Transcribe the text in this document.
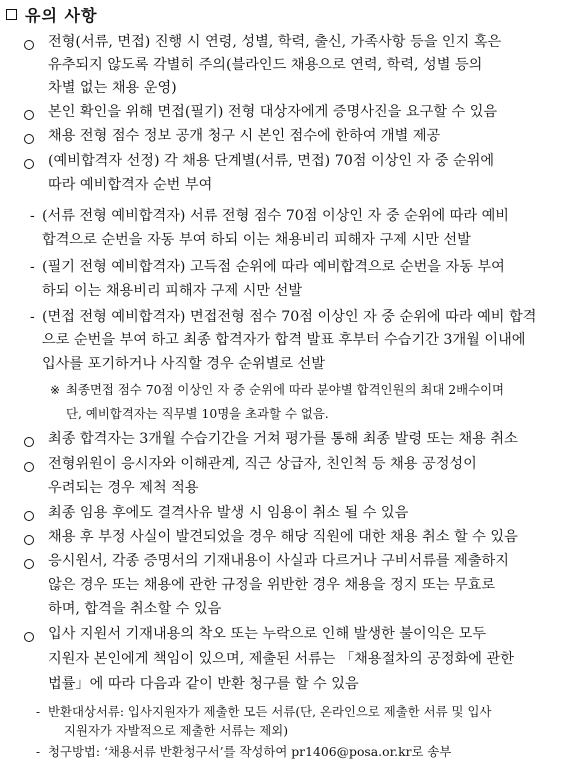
유의 사항
전형(서류, 면접) 진행 시 연령, 성별, 학력, 출신, 가족사항 등을 인지 혹은
유추되지 않도록 각별히 주의(블라인드 채용으로 연력, 학력, 성별 등의
차별 없는 채용 운영)
본인 확인을 위해 면접(필기) 전형 대상자에게 증명사진을 요구할 수 있음
채용 전형 점수 정보 공개 청구 시 본인 점수에 한하여 개별 제공
(예비합격자 선정) 각 채용 단계별(서류, 면접) 70점 이상인 자 중 순위에
따라 예비합격자 순번 부여
- (서류 전형 예비합격자) 서류 전형 점수 70점 이상인 자 중 순위에 따라 예비
합격으로 순번을 자동 부여 하되 이는 채용비리 피해자 구제 시만 선발
- (필기 전형 예비합격자) 고득점 순위에 따라 예비합격으로 순번을 자동 부여
하되 이는 채용비리 피해자 구제 시만 선발
- (면접 전형 예비합격자) 면접전형 점수 70점 이상인 자 중 순위에 따라 예비 합격
으로 순번을 부여 하고 최종 합격자가 합격 발표 후부터 수습기간 3개월 이내에
입사를 포기하거나 사직할 경우 순위별로 선발
※ 최종면접 점수 70점 이상인 자 중 순위에 따라 분야별 합격인원의 최대 2배수이며
단, 예비합격자는 직무별 10명을 초과할 수 없음.
최종 합격자는 3개월 수습기간을 거쳐 평가를 통해 최종 발령 또는 채용 취소
전형위원이 응시자와 이해관계, 직근 상급자, 친인척 등 채용 공정성이
우려되는 경우 제척 적용
최종 임용 후에도 결격사유 발생 시 임용이 취소 될 수 있음
채용 후 부정 사실이 발견되었을 경우 해당 직원에 대한 채용 취소 할 수 있음
응시원서, 각종 증명서의 기재내용이 사실과 다르거나 구비서류를 제출하지
않은 경우 또는 채용에 관한 규정을 위반한 경우 채용을 정지 또는 무효로
하며, 합격을 취소할 수 있음
입사 지원서 기재내용의 착오 또는 누락으로 인해 발생한 불이익은 모두
지원자 본인에게 책임이 있으며, 제출된 서류는 「채용절차의 공정화에 관한
법률」에 따라 다음과 같이 반환 청구를 할 수 있음
- 반환대상서류: 입사지원자가 제출한 모든 서류(단, 온라인으로 제출한 서류 및 입사
지원자가 자발적으로 제출한 서류는 제외)
- 청구방법: ‘채용서류 반환청구서’를 작성하여 pr1406@posa.or.kr로 송부
